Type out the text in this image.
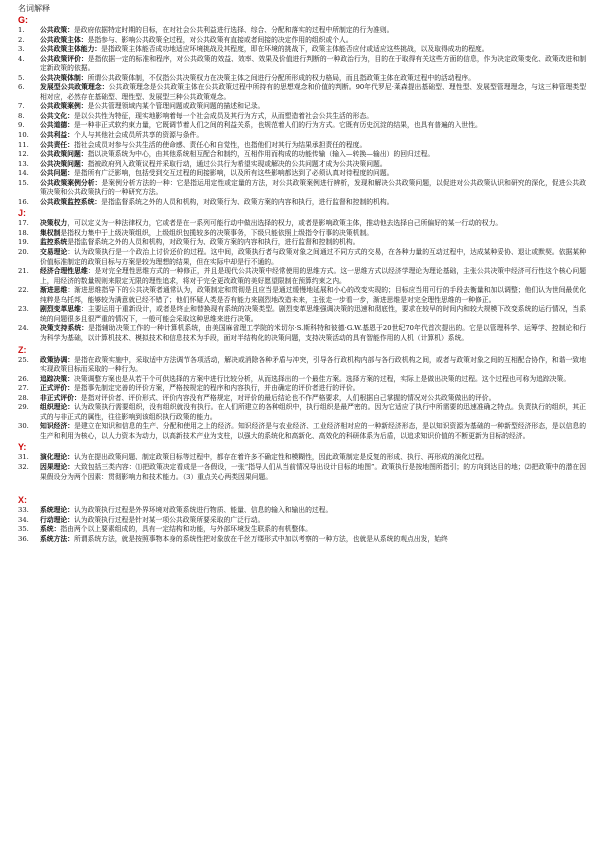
名词解释
G:
1.	公共政策：是政府依据特定时期的目标，在对社会公共利益进行选择、综合、分配和落实的过程中所制定的行为准则。
2.	公共政策主体：是指参与、影响公共政策全过程，对公共政策有直接或者间接的决定作用的组织或个人。
3.	公共政策主体能力：是指政策主体能否成功地适应环境挑战及其程度，即在环境的挑战下，政策主体能否应付或适应这些挑战，以及取得成功的程度。
4.	公共政策评价：是指依据一定的标准和程序，对公共政策的效益、效率、效果及价值进行判断的一种政治行为，目的在于取得有关这些方面的信息，作为决定政策变化、政策改进和制定新政策的依据。
5.	公共决策体制：所谓公共政策体制，不仅指公共决策权力在决策主体之间进行分配所形成的权力格局，而且指政策主体在政策过程中的活动程序。
6.	发展型公共政策理念：公共政策理念是公共政策主体在公共政策过程中所持有的思想观念和价值的判断。90年代罗尼·莱森提出基础型、理性型、发展型管理理念，与这三种管理类型相对应，必然存在基础型、理性型、发展型三种公共政策观念。
7.	公共政策案例：是公共管理领域内某个管理问题或政策问题的描述和记录。
8.	公共文化：是以公共性为特征，现实地影响着每一个社会成员及其行为方式，从而塑造着社会公共生活的形态。
9.	公共道德：是一种非正式软约束力量，它既调节着人们之间的利益关系，也规范着人们的行为方式。它既有历史沉淀的结果，也具有普遍的入世性。
10.	公共利益：个人与其他社会成员所共享的资源与条件。
11.	公共责任：指社会成员对参与公共生活的使命感、责任心和自觉性，也指他们对其行为结果承担责任的程度。
12.	公共政策问题：指以决策系统为中心，由其他系统相互配合和制约，互相作用而构成的功能传输（输入—转换—输出）的回归过程。
13.	公共决策问题：指被政府列入政策议程并采取行动，通过公共行为希望实现或解决的公共问题才成为公共决策问题。
14.	公共问题：是指所有广泛影响，包括受到交互过程的间接影响，以及所有这些影响都达到了必须认真对待程度的问题。
15.	公共政策案例分析：是案例分析方法的一种：它是指运用定性或定量的方法，对公共政策案例进行辨析，发现和解决公共政策问题，以促进对公共政策认识和研究的深化，促进公共政策决策和公共政策执行的一种研究方法。
16.	公共政策监控系统：是指监督系统之外的人员和机构，对政策行为、政策方案的内容和执行，进行监督和控制的机构。
J:
17.	决策权力，可以定义为一种法律权力，它或者是在一系列可能行动中做出选择的权力，或者是影响政策主体，推动他去选择自己所偏好的某一行动的权力。
18.	集权制是指权力集中于上级决策组织，上级组织包揽较多的决策事务，下级只能依照上级指令行事的决策机制。
19.	监控系统是指监督系统之外的人员和机构，对政策行为、政策方案的内容和执行，进行监督和控制的机构。
20.	交易理论：认为政策执行是一个政治上讨价还价的过程。这中间，政策执行者与政策对象之间通过不同方式的交易，在各种力量的互动过程中，达成某种妥协、退让或默契。依据某种价值标准制定的政策目标与方案是较为理想的结果，但在实际中却是行不通的。
21.	经济合理性思维：是对完全理性思维方式的一种修正，并且是现代公共决策中经常使用的思维方式。这一思维方式以经济学理论为理论基础，主张公共决策中经济可行性这个核心问题上，用经济的数量规则来限定无限的理性追求，将对于完全更改政策的美好愿望限制在预算约束之内。
22.	渐进思维：渐进思维指导下的公共决策者通常认为，政策制定和贯彻是且应当是通过缓慢地延展和小心的改变实现的；目标应当用可行的手段去衡量和加以调整；他们认为世间最优化纯粹是乌托邦，能够较为满意就已经不错了；他们怀疑人类是否有能力来剧烈地改造未来，主张走一步看一步，渐进思维是对完全理性思维的一种修正。
23.	剧烈变革思维：主要运用于重新设计，或者是终止和替换现有系统的决策类型。剧烈变革思维强调决策的迅速和彻底性，要求在较早的时间内和较大规模下改变系统的运行情况，当系统的问题很多且很严重的情况下，一般可能会采取这种思维来进行决策。
24.	决策支持系统：是指辅助决策工作的一种计算机系统，由美国麻省理工学院的米切尔·S.斯科特和彼德·G.W.基恩于20世纪70年代首次提出的。它是以管理科学、运筹学、控制论和行为科学为基础，以计算机技术、模拟技术和信息技术为手段，面对半结构化的决策问题，支持决策活动的具有智能作用的人机（计算机）系统。
Z:
25.	政策协调：是指在政策实施中，采取适中方法调节各项活动，解决或消除各种矛盾与冲突，引导各行政机构内部与各行政机构之间，或者与政策对象之间的互相配合协作，和谐一致地实现政策目标而采取的一种行为。
26.	追踪决策：决策调整方案也是从若干个可供选择的方案中进行比较分析，从而选择出的一个最佳方案。选择方案的过程，实际上是做出决策的过程。这个过程也可称为追踪决策。
27.	正式评价：是指事先制定完善的评价方案，严格按规定的程序和内容执行，并由确定的评价者进行的评价。
28.	非正式评价：是指对评价者、评价形式、评价内容没有严格规定，对评价的最后结论也不作严格要求，人们根据自己掌握的情况对公共政策做出的评价。
29.	组织理论：认为政策执行需要组织，没有组织就没有执行。在人们所建立的各种组织中，执行组织是最严密的。因为它适应了执行中所需要的迅速准确之特点。负责执行的组织，其正式的与非正式的属性，往往影响到该组织执行政策的能力。
30.	知识经济：是建立在知识和信息的生产、分配和使用之上的经济。知识经济是与农业经济、工业经济相对应的一种新经济形态，是以知识资源为基础的一种新型经济形态，是以信息的生产和利用为核心，以人力资本为动力，以高新技术产业为支柱，以强大的系统化和高新化、高效化的科研体系为后盾，以追求知识价值的不断更新为目标的经济。
Y:
31.	演化理论：认为在提出政策问题、制定政策目标等过程中，都存在着许多不确定性和模糊性，因此政策制定是反复的形成、执行、再形成的演化过程。
32.	因果理论：大致包括三类内容：⑴把政策决定看成是一各假设，一张“指导人们从当前情况导出设计目标的地图”。政策执行是按地图所指引；的方向到达目的地；⑵把政策中的潜在因果假设分为两个因素：贯彻影响力和技术能力。（3）重点关心两类因果问题。
X:
33.	系统理论：认为政策执行过程是外界环境对政策系统进行物质、能量、信息的输入和输出的过程。
34.	行动理论：认为政策执行过程是针对某一项公共政策所要采取的广泛行动。
35.	系统：指由两个以上要素组成的，具有一定结构和功能，与外部环境发生联系的有机整体。
36.	系统方法：所谓系统方法，就是按照事物本身的系统性把对象放在千丝万缕形式中加以考察的一种方法，也就是从系统的观点出发，始终
